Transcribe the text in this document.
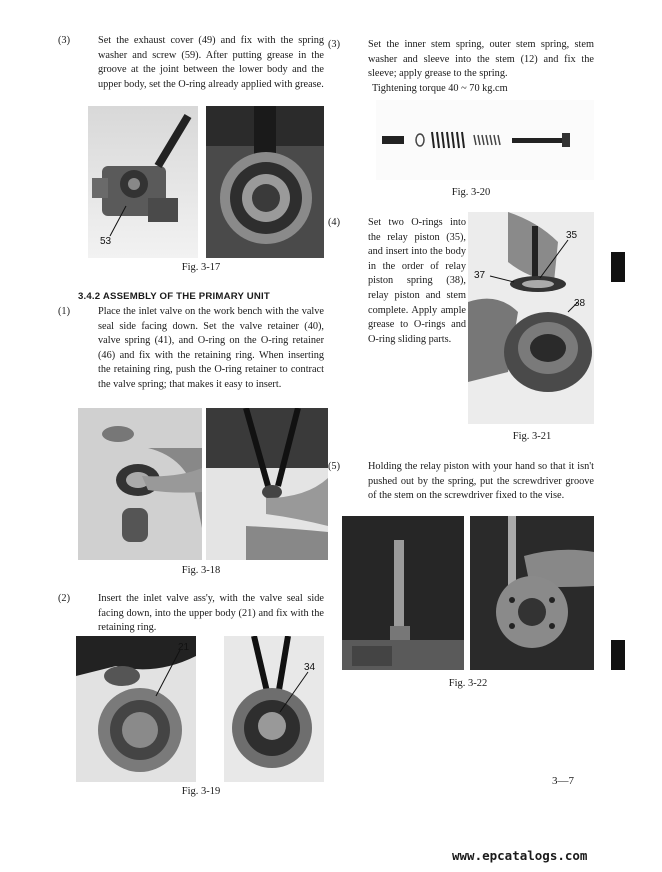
(3)	Set the exhaust cover (49) and fix with the spring washer and screw (59). After putting grease in the groove at the joint between the lower body and the upper body, set the O-ring already applied with grease.

53
Fig. 3-17
3.4.2 ASSEMBLY OF THE PRIMARY UNIT

(1)	Place the inlet valve on the work bench with the valve seal side facing down. Set the valve retainer (40), valve spring (41), and O-ring on the O-ring retainer (46) and fix with the retaining ring. When inserting the retaining ring, push the O-ring retainer to contract the valve spring; that makes it easy to insert.

Fig. 3-18

(2)	Insert the inlet valve ass'y, with the valve seal side facing down, into the upper body (21) and fix with the retaining ring.

21
34
Fig. 3-19

(3)	Set the inner stem spring, outer stem spring, stem washer and sleeve into the stem (12) and fix the sleeve; apply grease to the spring.

Tightening torque 40 ~ 70 kg.cm

Fig. 3-20

(4)	Set two O-rings into the relay piston (35), and insert into the body in the order of relay piston spring (38), relay piston and stem complete. Apply ample grease to O-rings and O-ring sliding parts.

35
37
38
Fig. 3-21

(5)	Holding the relay piston with your hand so that it isn't pushed out by the spring, put the screwdriver groove of the stem on the screwdriver fixed to the vise.

Fig. 3-22
3—7
www.epcatalogs.com
